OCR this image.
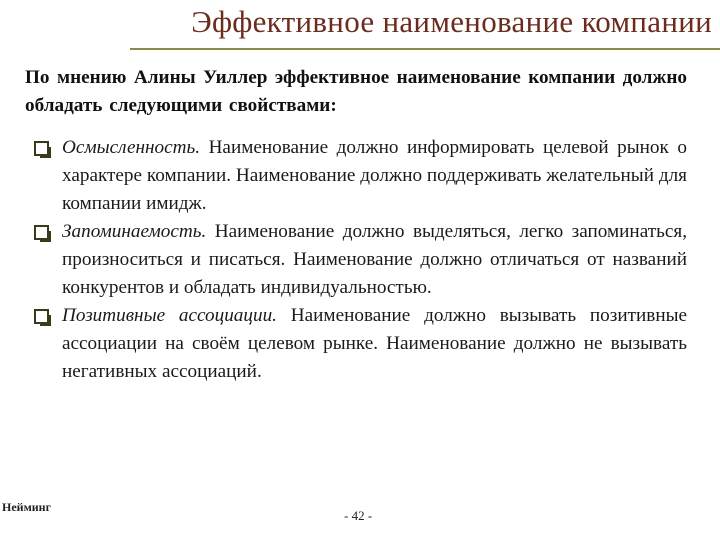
Эффективное наименование компании

По мнению Алины Уиллер эффективное наименование компании должно обладать следующими свойствами:

Осмысленность. Наименование должно информировать целевой рынок о характере компании. Наименование должно поддерживать желательный для компании имидж.

Запоминаемость. Наименование должно выделяться, легко запоминаться, произноситься и писаться. Наименование должно отличаться от названий конкурентов и обладать индивидуальностью.

Позитивные ассоциации. Наименование должно вызывать позитивные ассоциации на своём целевом рынке. Наименование должно не вызывать негативных ассоциаций.

Нейминг
- 42 -
